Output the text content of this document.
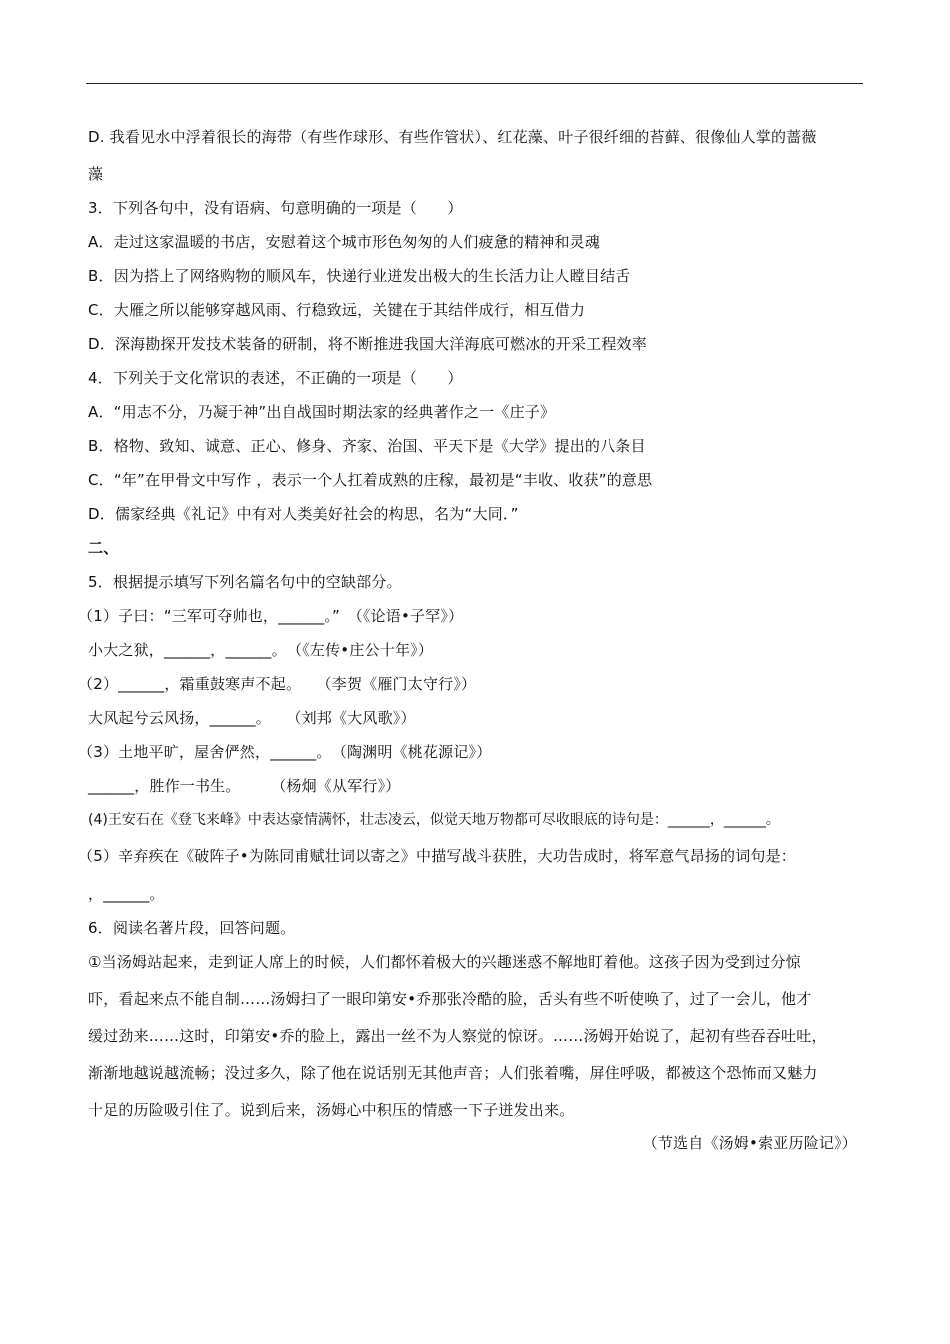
D. 我看见水中浮着很长的海带（有些作球形、有些作管状）、红花藻、叶子很纤细的苔藓、很像仙人掌的蔷薇
藻
3．下列各句中，没有语病、句意明确的一项是（　　）
A．走过这家温暖的书店，安慰着这个城市形色匆匆的人们疲惫的精神和灵魂
B．因为搭上了网络购物的顺风车，快递行业迸发出极大的生长活力让人瞠目结舌
C．大雁之所以能够穿越风雨、行稳致远，关键在于其结伴成行，相互借力
D．深海勘探开发技术装备的研制，将不断推进我国大洋海底可燃冰的开采工程效率
4．下列关于文化常识的表述，不正确的一项是（　　）
A．“用志不分，乃凝于神”出自战国时期法家的经典著作之一《庄子》
B．格物、致知、诚意、正心、修身、齐家、治国、平天下是《大学》提出的八条目
C．“年”在甲骨文中写作 ，表示一个人扛着成熟的庄稼，最初是“丰收、收获”的意思
D．儒家经典《礼记》中有对人类美好社会的构思，名为“大同．”
二、
5．根据提示填写下列名篇名句中的空缺部分。
（1）子曰：“三军可夺帅也，______。”　（《论语•子罕》）
小大之狱，______，______。　（《左传•庄公十年》）
（2）______，霜重鼓寒声不起。　　（李贺《雁门太守行》）
大风起兮云风扬，______。　　（刘邦《大风歌》）
（3）土地平旷，屋舍俨然，______。　（陶渊明《桃花源记》）
______，胜作一书生。　　　（杨炯《从军行》）
(4)王安石在《登飞来峰》中表达豪情满怀，壮志凌云，似觉天地万物都可尽收眼底的诗句是：______，______。
（5）辛弃疾在《破阵子•为陈同甫赋壮词以寄之》中描写战斗获胜，大功告成时，将军意气昂扬的词句是：
，______。
6．阅读名著片段，回答问题。
①当汤姆站起来，走到证人席上的时候，人们都怀着极大的兴趣迷惑不解地盯着他。这孩子因为受到过分惊
吓，看起来点不能自制……汤姆扫了一眼印第安•乔那张冷酷的脸，舌头有些不听使唤了，过了一会儿，他才
缓过劲来……这时，印第安•乔的脸上，露出一丝不为人察觉的惊讶。……汤姆开始说了，起初有些吞吞吐吐，
渐渐地越说越流畅；没过多久，除了他在说话别无其他声音；人们张着嘴，屏住呼吸，都被这个恐怖而又魅力
十足的历险吸引住了。说到后来，汤姆心中积压的情感一下子迸发出来。
（节选自《汤姆•索亚历险记》）
